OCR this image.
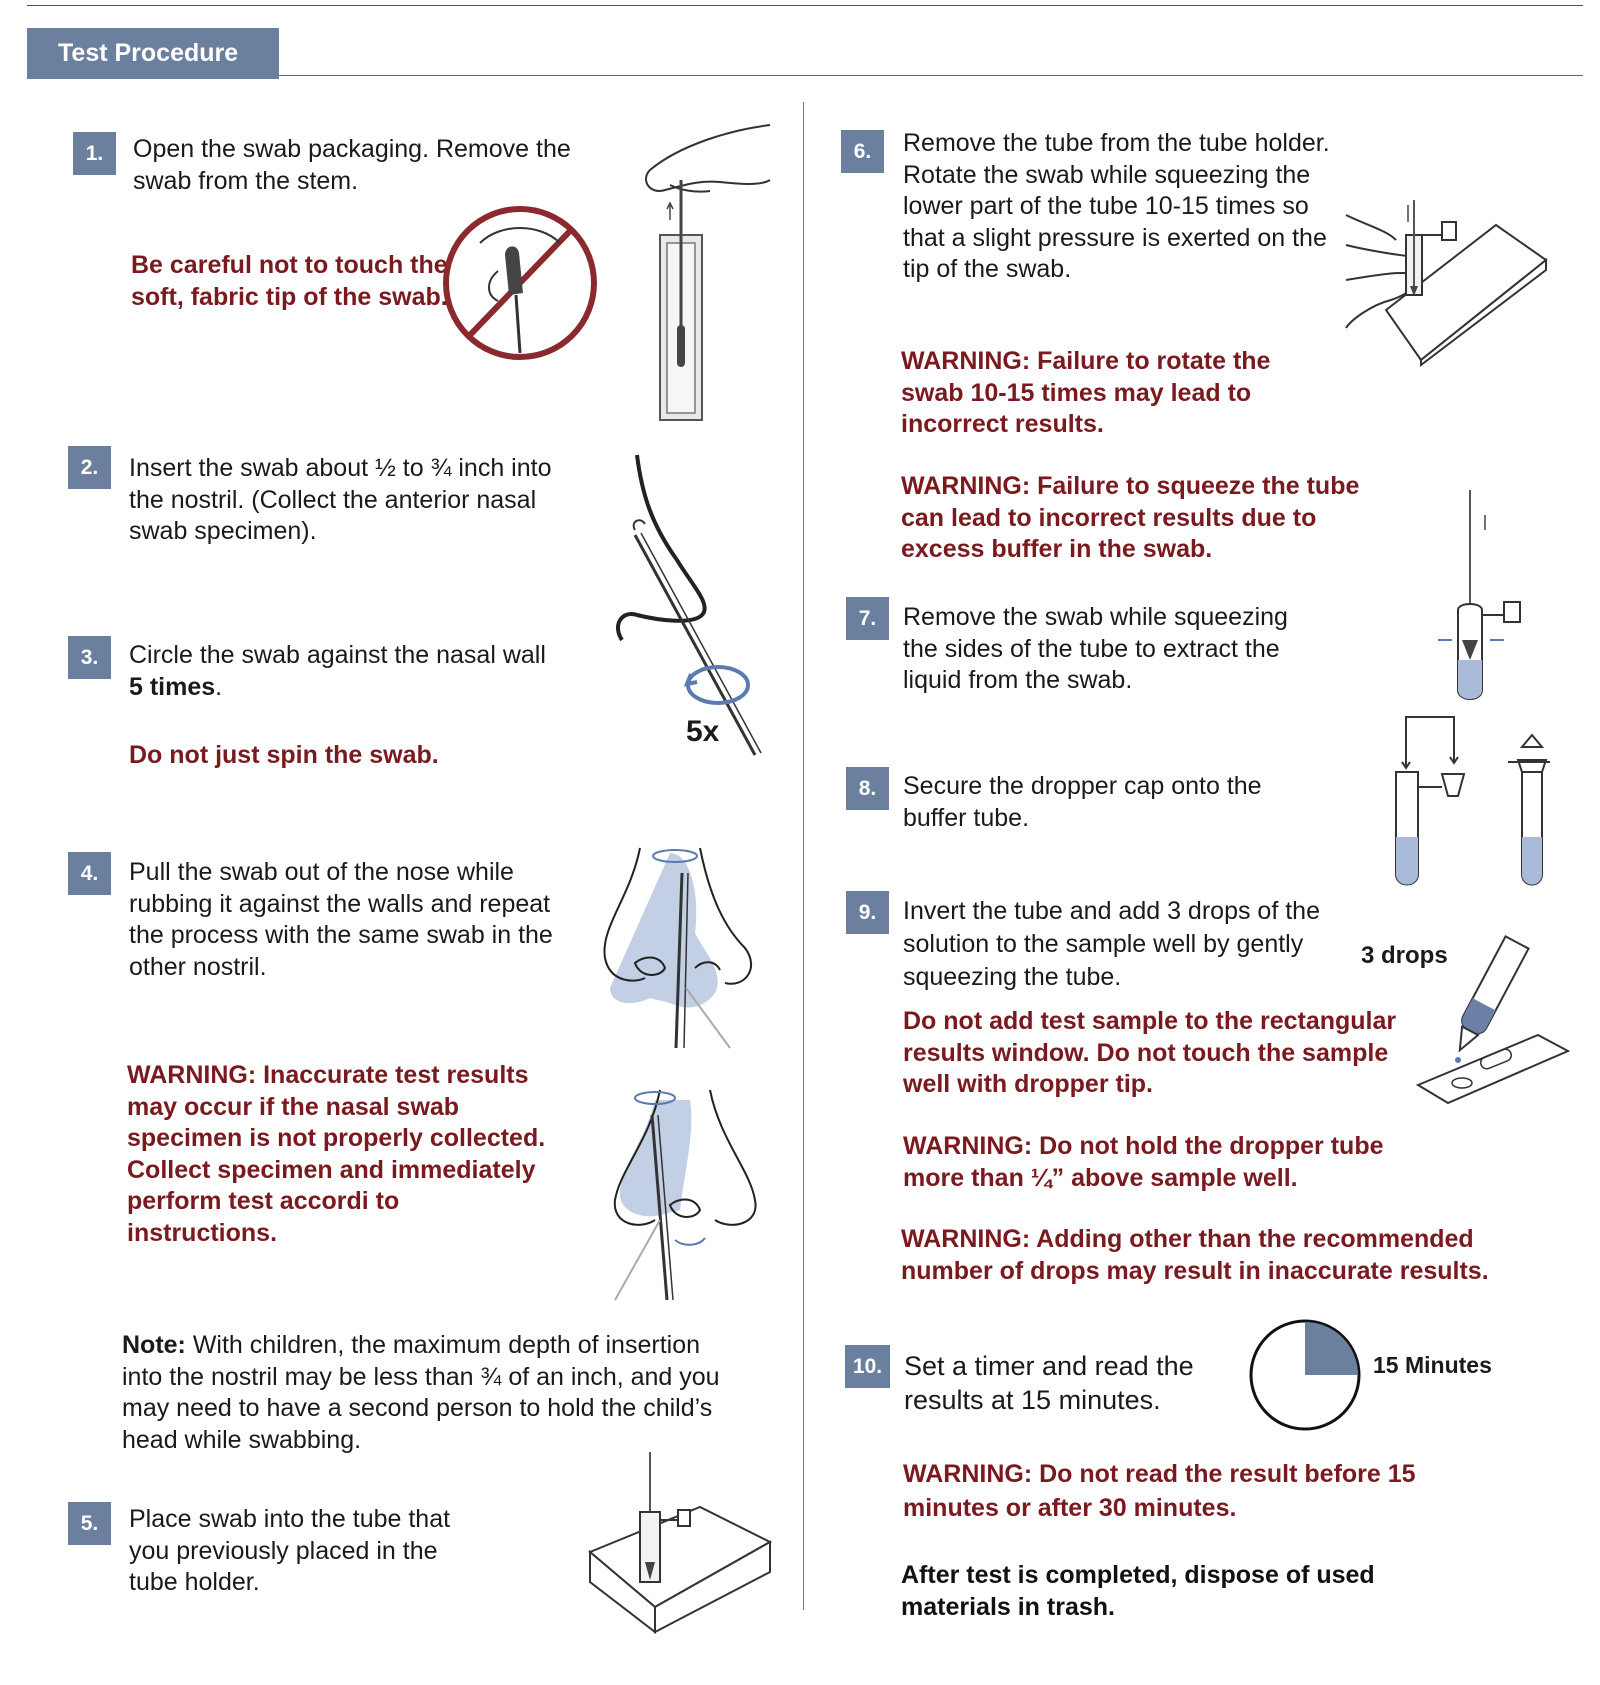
Test Procedure
1.	Open the swab packaging. Remove the swab from the stem.

Be careful not to touch the soft, fabric tip of the swab.

2.	Insert the swab about ½ to ¾ inch into the nostril. (Collect the anterior nasal swab specimen).

5x
3.	Circle the swab against the nasal wall
5 times.

Do not just spin the swab.

4.	Pull the swab out of the nose while rubbing it against the walls and repeat the process with the same swab in the other nostril.

WARNING: Inaccurate test results may occur if the nasal swab specimen is not properly collected. Collect specimen and immediately perform test accordi to instructions.

Note: With children, the maximum depth of insertion into the nostril may be less than ¾ of an inch, and you may need to have a second person to hold the child’s head while swabbing.

5.	Place swab into the tube that you previously placed in the tube holder.

6.	Remove the tube from the tube holder. Rotate the swab while squeezing the lower part of the tube 10-15 times so that a slight pressure is exerted on the tip of the swab.

WARNING: Failure to rotate the swab 10-15 times may lead to incorrect results.

WARNING: Failure to squeeze the tube can lead to incorrect results due to excess buffer in the swab.

7.	Remove the swab while squeezing the sides of the tube to extract the liquid from the swab.

8.	Secure the dropper cap onto the buffer tube.

9.	Invert the tube and add 3 drops of the solution to the sample well by gently squeezing the tube.

3 drops

Do not add test sample to the rectangular results window. Do not touch the sample well with dropper tip.

WARNING: Do not hold the dropper tube more than ¼” above sample well.

WARNING: Adding other than the recommended number of drops may result in inaccurate results.

10. Set a timer and read the results at 15 minutes.

15 Minutes

WARNING: Do not read the result before 15 minutes or after 30 minutes.

After test is completed, dispose of used materials in trash.
